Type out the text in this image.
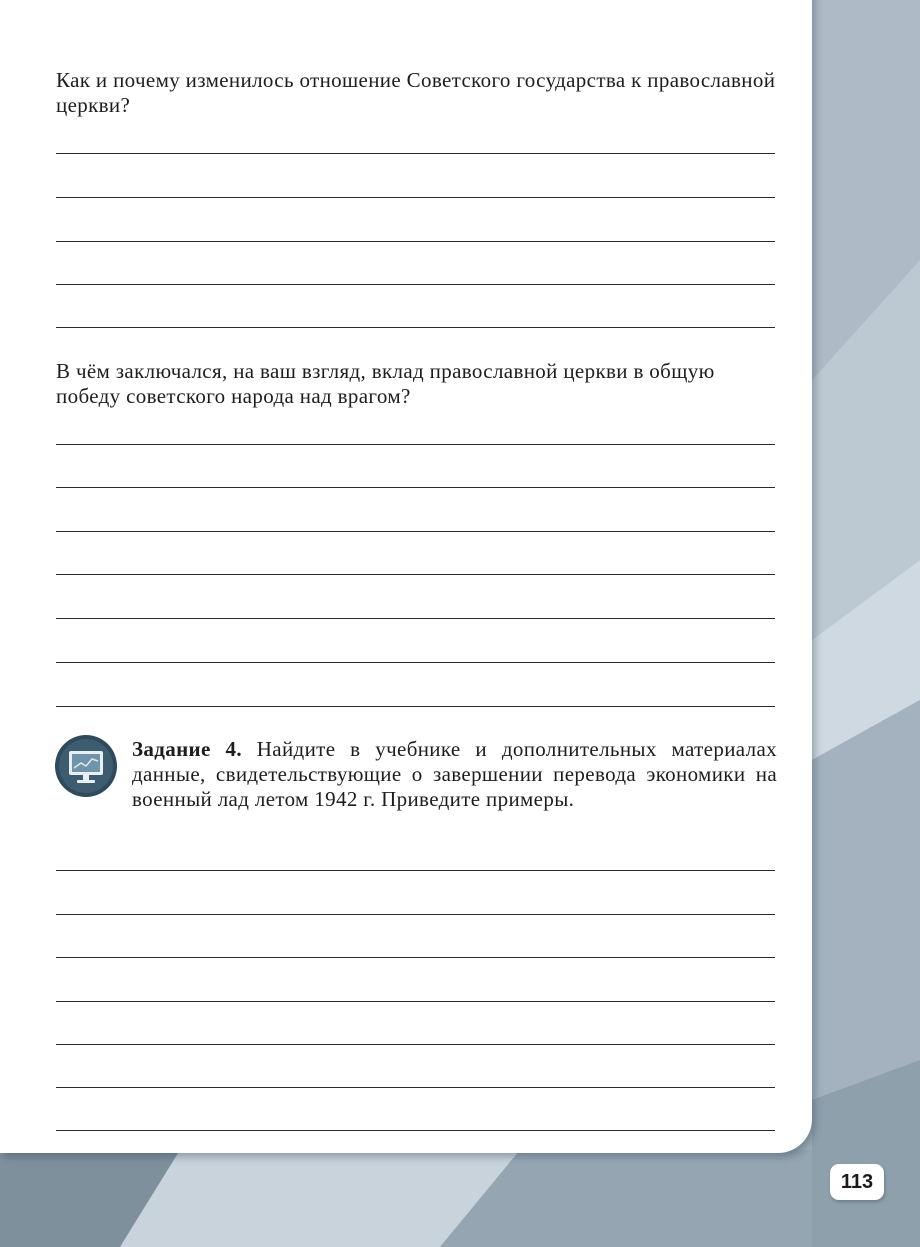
Как и почему изменилось отношение Советского государства к православной церкви?

В чём заключался, на ваш взгляд, вклад православной церкви в общую победу советского народа над врагом?

Задание 4. Найдите в учебнике и дополнительных материалах данные, свидетельствующие о завершении перевода экономики на военный лад летом 1942 г. Приведите примеры.

113
